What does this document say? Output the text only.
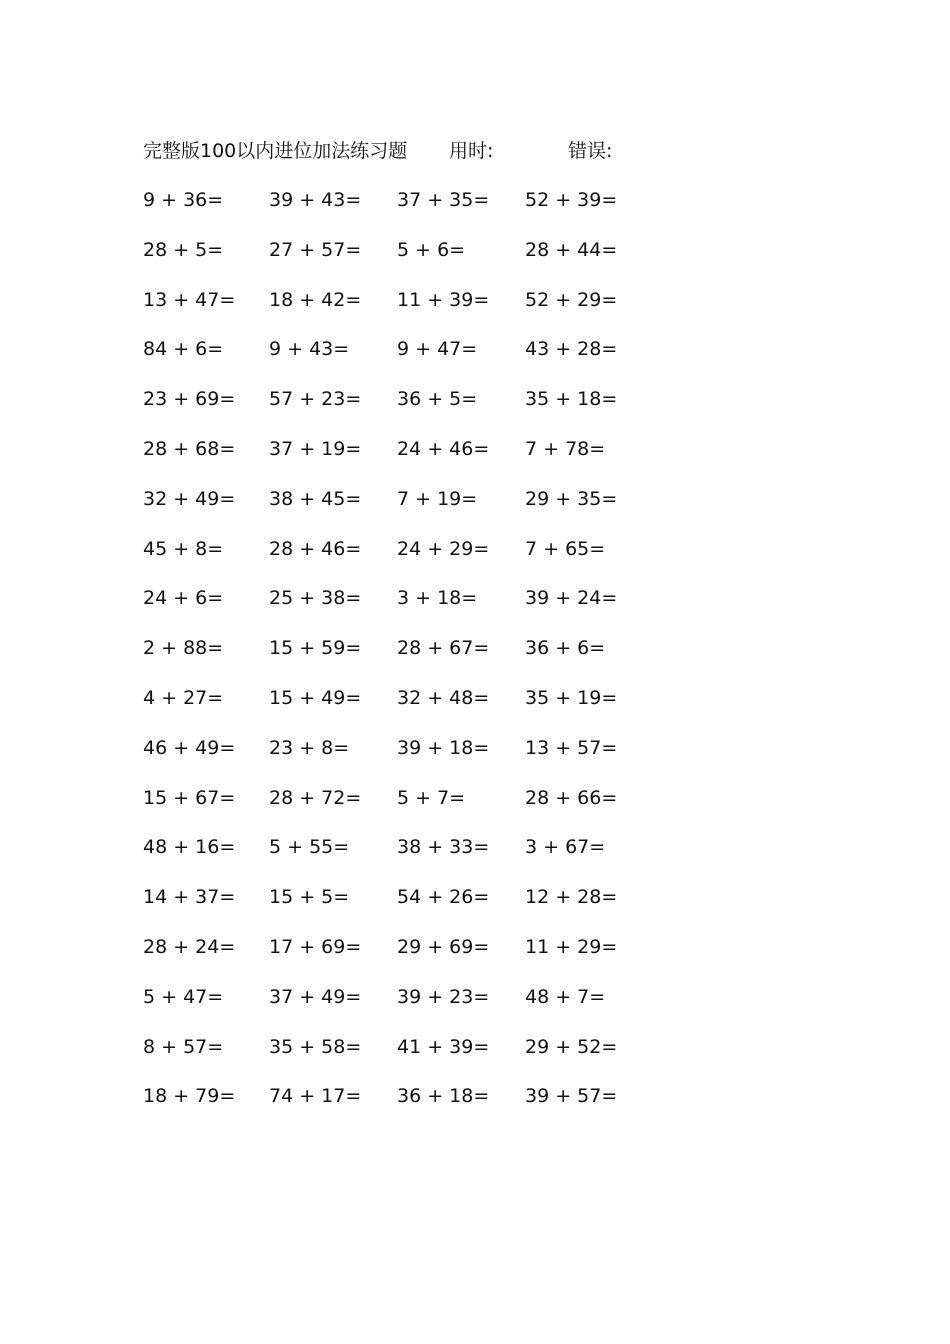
完整版100以内进位加法练习题 用时:	错误:
9 + 36=	39 + 43=	37 + 35=	52 + 39=
28 + 5=	27 + 57=	5 + 6=	28 + 44=
13 + 47=	18 + 42=	11 + 39=	52 + 29=
84 + 6=	9 + 43=	9 + 47=	43 + 28=
23 + 69=	57 + 23=	36 + 5=	35 + 18=
28 + 68=	37 + 19=	24 + 46=	7 + 78=
32 + 49=	38 + 45=	7 + 19=	29 + 35=
45 + 8=	28 + 46=	24 + 29=	7 + 65=
24 + 6=	25 + 38=	3 + 18=	39 + 24=
2 + 88=	15 + 59=	28 + 67=	36 + 6=
4 + 27=	15 + 49=	32 + 48=	35 + 19=
46 + 49=	23 + 8=	39 + 18=	13 + 57=
15 + 67=	28 + 72=	5 + 7=	28 + 66=
48 + 16=	5 + 55=	38 + 33=	3 + 67=
14 + 37=	15 + 5=	54 + 26=	12 + 28=
28 + 24=	17 + 69=	29 + 69=	11 + 29=
5 + 47=	37 + 49=	39 + 23=	48 + 7=
8 + 57=	35 + 58=	41 + 39=	29 + 52=
18 + 79=	74 + 17=	36 + 18=	39 + 57=
